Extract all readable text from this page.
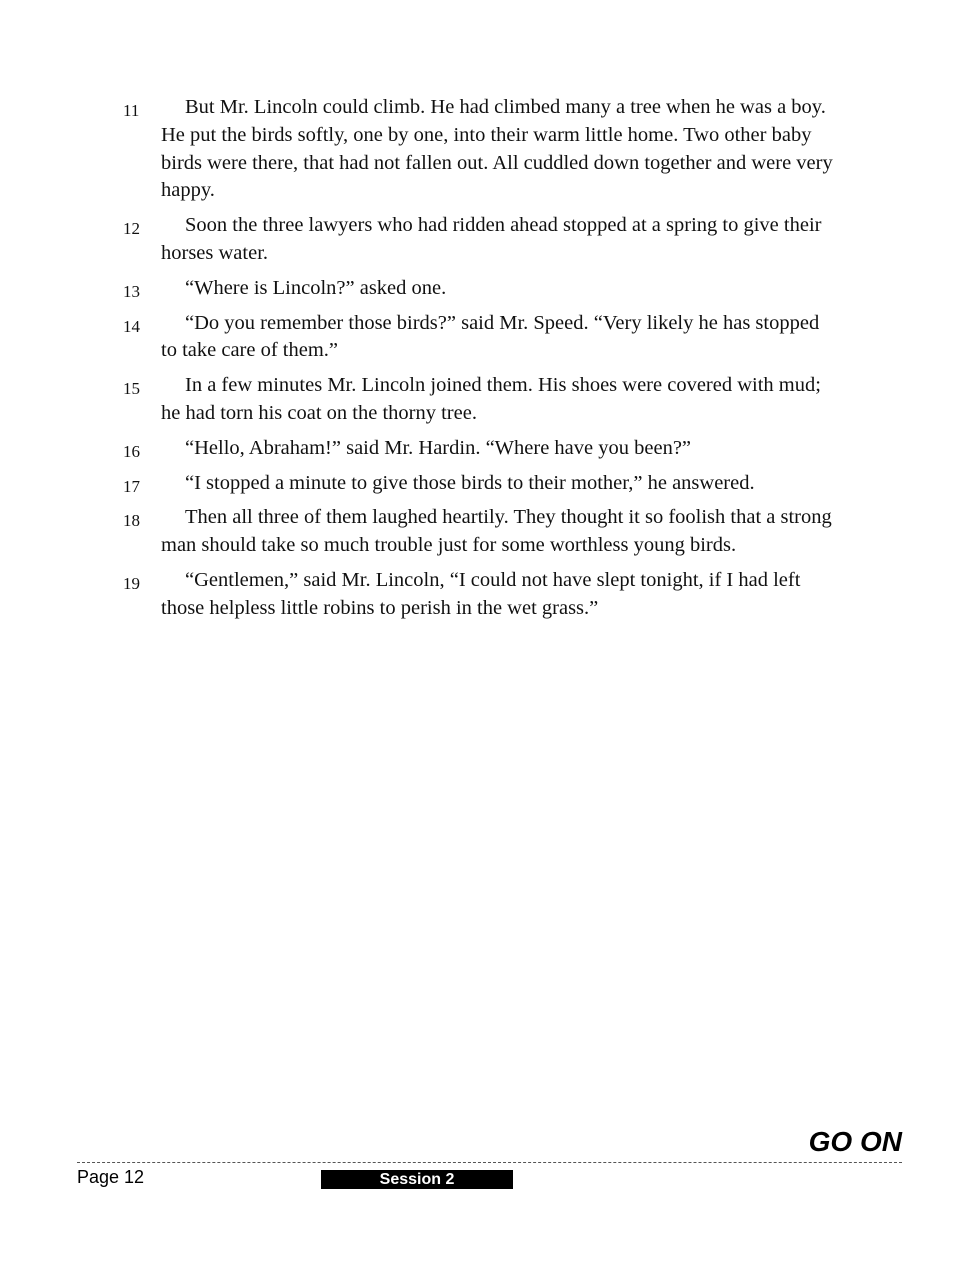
11	But Mr. Lincoln could climb. He had climbed many a tree when he was a boy. He put the birds softly, one by one, into their warm little home. Two other baby birds were there, that had not fallen out. All cuddled down together and were very happy.
12	Soon the three lawyers who had ridden ahead stopped at a spring to give their horses water.
13	“Where is Lincoln?” asked one.
14	“Do you remember those birds?” said Mr. Speed. “Very likely he has stopped to take care of them.”
15	In a few minutes Mr. Lincoln joined them. His shoes were covered with mud; he had torn his coat on the thorny tree.
16	“Hello, Abraham!” said Mr. Hardin. “Where have you been?”
17	“I stopped a minute to give those birds to their mother,” he answered.
18	Then all three of them laughed heartily. They thought it so foolish that a strong man should take so much trouble just for some worthless young birds.
19	“Gentlemen,” said Mr. Lincoln, “I could not have slept tonight, if I had left those helpless little robins to perish in the wet grass.”
GO ON
Page 12	Session 2
